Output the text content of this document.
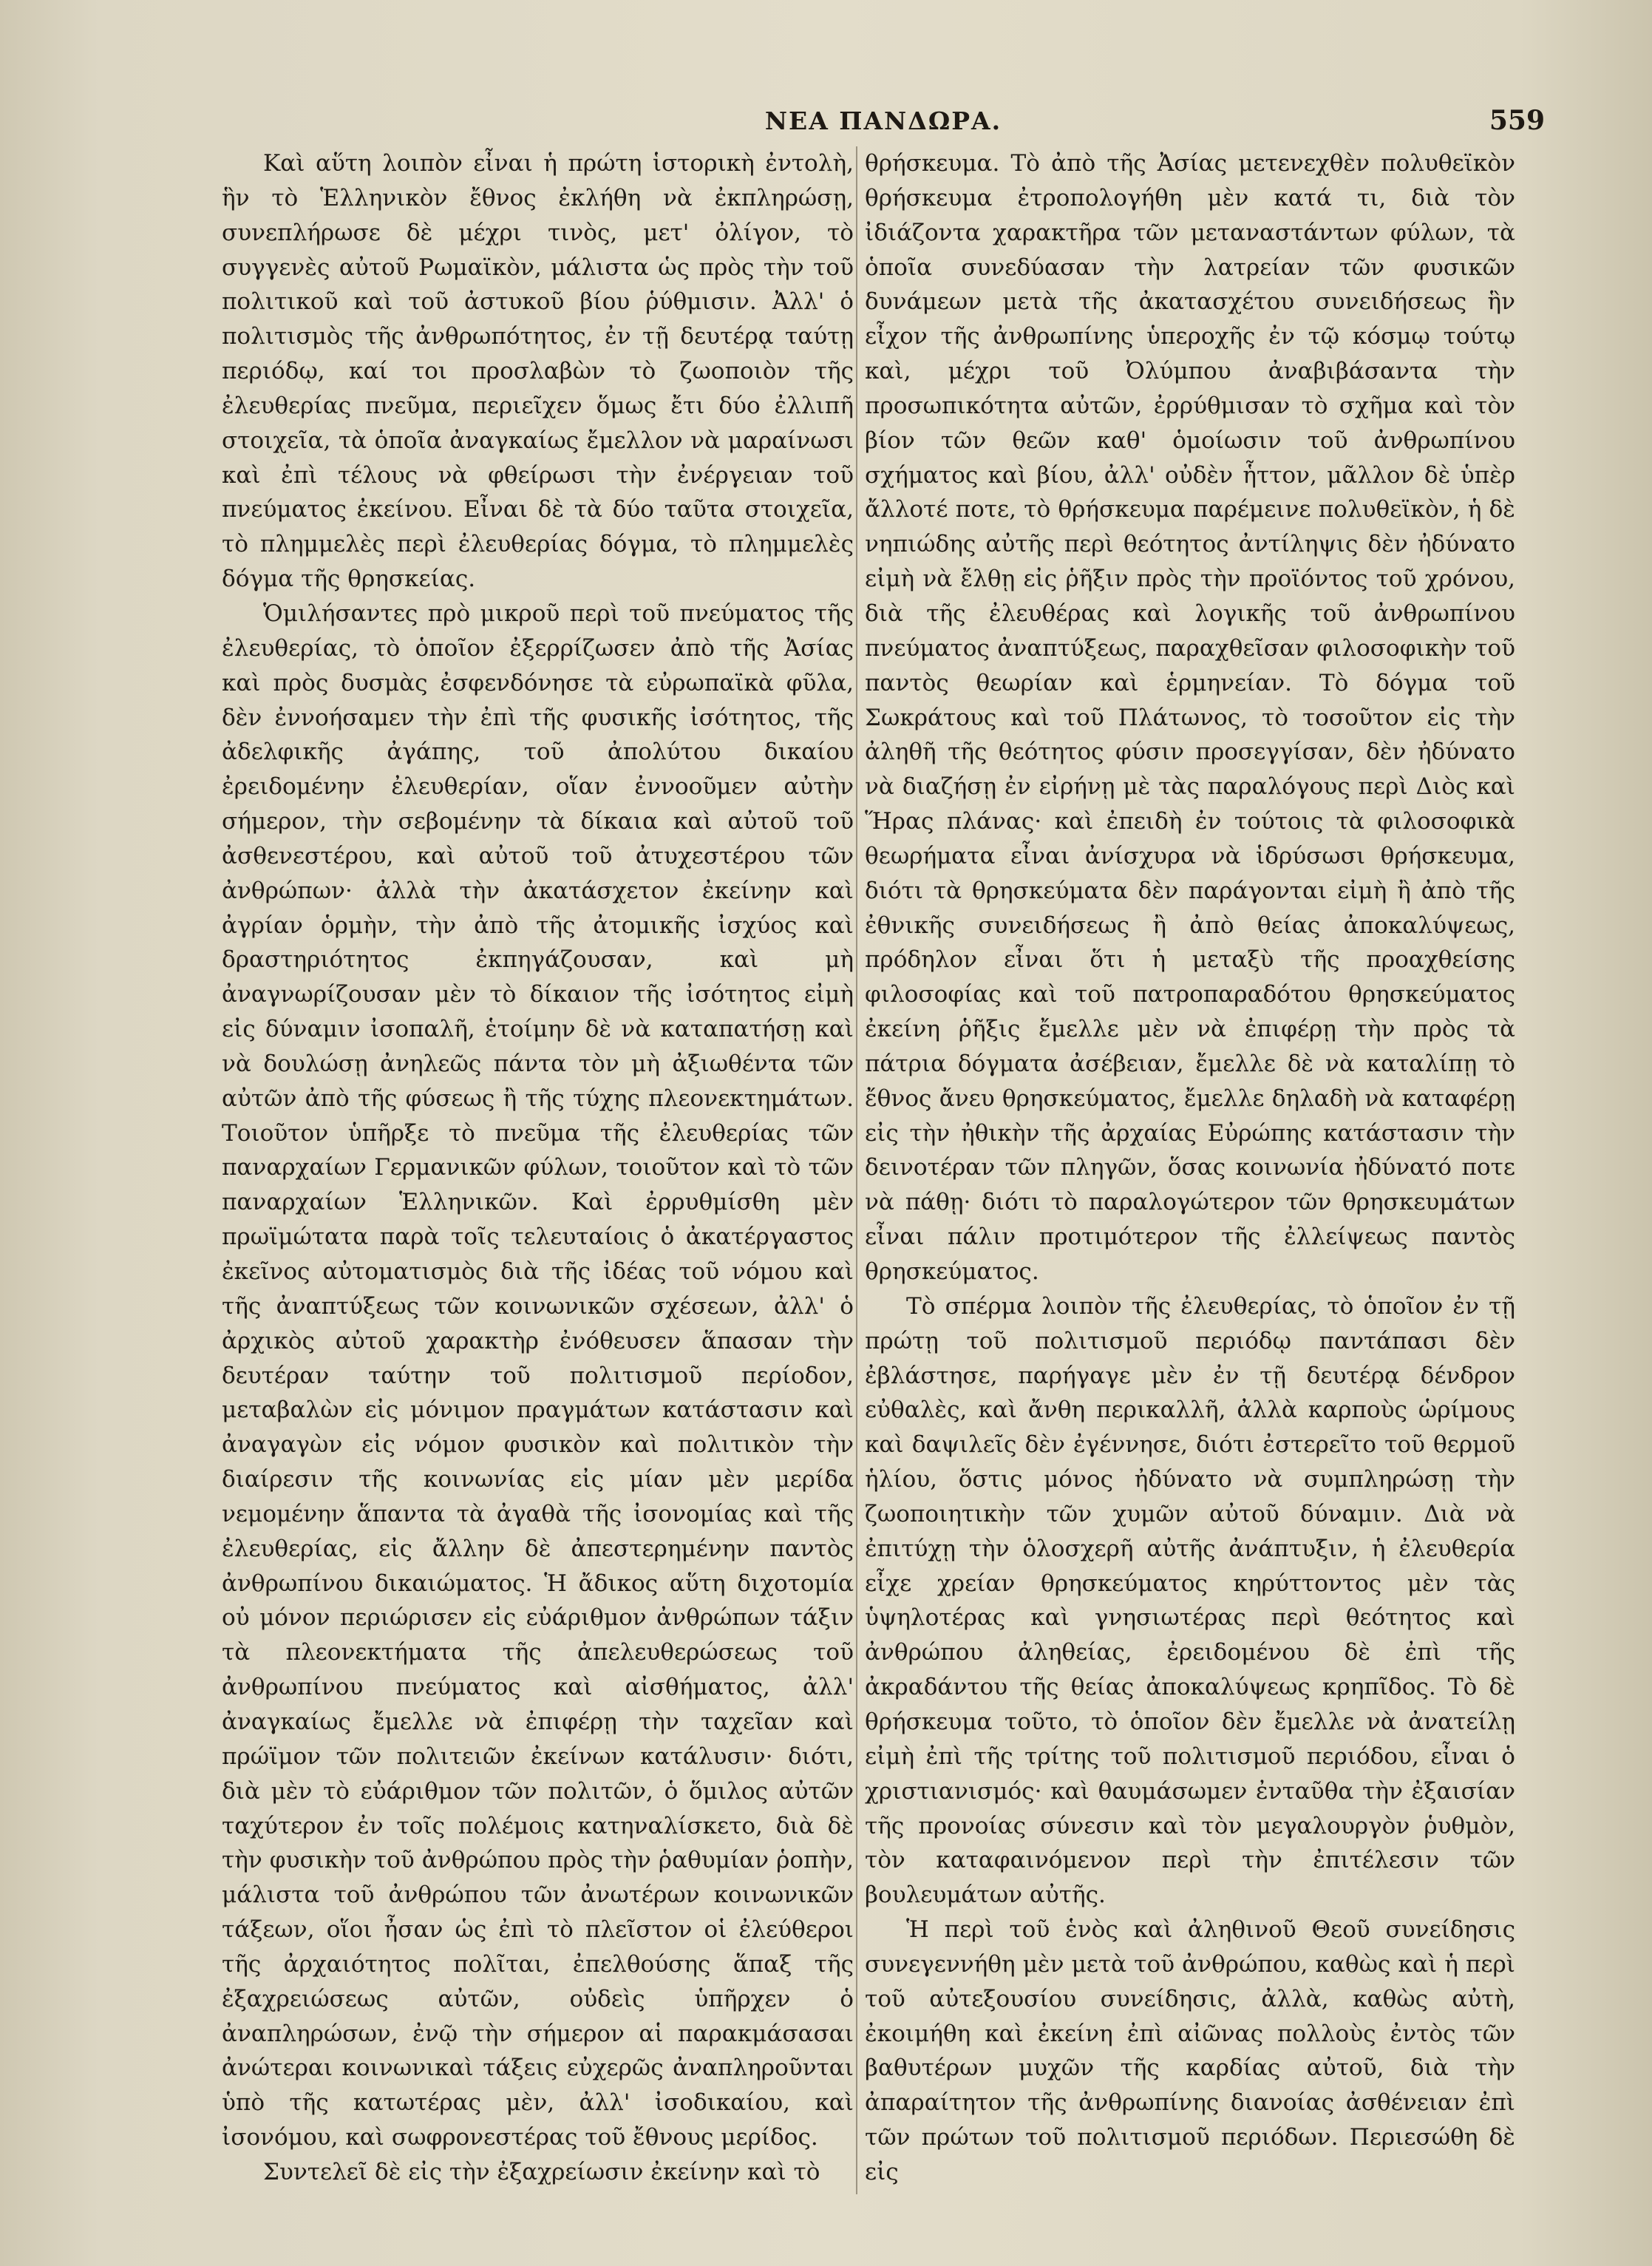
ΝΕΑ ΠΑΝΔΩΡΑ.	559

Καὶ αὕτη λοιπὸν εἶναι ἡ πρώτη ἱστορικὴ ἐντολὴ, ἣν τὸ Ἑλληνικὸν ἔθνος ἐκλήθη νὰ ἐκπληρώσῃ, συνεπλήρωσε δὲ μέχρι τινὸς, μετ' ὀλίγον, τὸ συγγενὲς αὐτοῦ Ρωμαϊκὸν, μάλιστα ὡς πρὸς τὴν τοῦ πολιτικοῦ καὶ τοῦ ἀστυκοῦ βίου ῥύθμισιν. Ἀλλ' ὁ πολιτισμὸς τῆς ἀνθρωπότητος, ἐν τῇ δευτέρᾳ ταύτῃ περιόδῳ, καί τοι προσλαβὼν τὸ ζωοποιὸν τῆς ἐλευθερίας πνεῦμα, περιεῖχεν ὅμως ἔτι δύο ἐλλιπῆ στοιχεῖα, τὰ ὁποῖα ἀναγκαίως ἔμελλον νὰ μαραίνωσι καὶ ἐπὶ τέλους νὰ φθείρωσι τὴν ἐνέργειαν τοῦ πνεύματος ἐκείνου. Εἶναι δὲ τὰ δύο ταῦτα στοιχεῖα, τὸ πλημμελὲς περὶ ἐλευθερίας δόγμα, τὸ πλημμελὲς δόγμα τῆς θρησκείας.

Ὁμιλήσαντες πρὸ μικροῦ περὶ τοῦ πνεύματος τῆς ἐλευθερίας, τὸ ὁποῖον ἐξερρίζωσεν ἀπὸ τῆς Ἀσίας καὶ πρὸς δυσμὰς ἐσφενδόνησε τὰ εὐρωπαϊκὰ φῦλα, δὲν ἐννοήσαμεν τὴν ἐπὶ τῆς φυσικῆς ἰσότητος, τῆς ἀδελφικῆς ἀγάπης, τοῦ ἀπολύτου δικαίου ἐρειδομένην ἐλευθερίαν, οἵαν ἐννοοῦμεν αὐτὴν σήμερον, τὴν σεβομένην τὰ δίκαια καὶ αὐτοῦ τοῦ ἀσθενεστέρου, καὶ αὐτοῦ τοῦ ἀτυχεστέρου τῶν ἀνθρώπων· ἀλλὰ τὴν ἀκατάσχετον ἐκείνην καὶ ἀγρίαν ὁρμὴν, τὴν ἀπὸ τῆς ἀτομικῆς ἰσχύος καὶ δραστηριότητος ἐκπηγάζουσαν, καὶ μὴ ἀναγνωρίζουσαν μὲν τὸ δίκαιον τῆς ἰσότητος εἰμὴ εἰς δύναμιν ἰσοπαλῆ, ἑτοίμην δὲ νὰ καταπατήσῃ καὶ νὰ δουλώσῃ ἀνηλεῶς πάντα τὸν μὴ ἀξιωθέντα τῶν αὐτῶν ἀπὸ τῆς φύσεως ἢ τῆς τύχης πλεονεκτημάτων. Τοιοῦτον ὑπῆρξε τὸ πνεῦμα τῆς ἐλευθερίας τῶν παναρχαίων Γερμανικῶν φύλων, τοιοῦτον καὶ τὸ τῶν παναρχαίων Ἑλληνικῶν. Καὶ ἐρρυθμίσθη μὲν πρωϊμώτατα παρὰ τοῖς τελευταίοις ὁ ἀκατέργαστος ἐκεῖνος αὐτοματισμὸς διὰ τῆς ἰδέας τοῦ νόμου καὶ τῆς ἀναπτύξεως τῶν κοινωνικῶν σχέσεων, ἀλλ' ὁ ἀρχικὸς αὐτοῦ χαρακτὴρ ἐνόθευσεν ἅπασαν τὴν δευτέραν ταύτην τοῦ πολιτισμοῦ περίοδον, μεταβαλὼν εἰς μόνιμον πραγμάτων κατάστασιν καὶ ἀναγαγὼν εἰς νόμον φυσικὸν καὶ πολιτικὸν τὴν διαίρεσιν τῆς κοινωνίας εἰς μίαν μὲν μερίδα νεμομένην ἅπαντα τὰ ἀγαθὰ τῆς ἰσονομίας καὶ τῆς ἐλευθερίας, εἰς ἄλλην δὲ ἀπεστερημένην παντὸς ἀνθρωπίνου δικαιώματος. Ἡ ἄδικος αὕτη διχοτομία οὐ μόνον περιώρισεν εἰς εὐάριθμον ἀνθρώπων τάξιν τὰ πλεονεκτήματα τῆς ἀπελευθερώσεως τοῦ ἀνθρωπίνου πνεύματος καὶ αἰσθήματος, ἀλλ' ἀναγκαίως ἔμελλε νὰ ἐπιφέρῃ τὴν ταχεῖαν καὶ πρώϊμον τῶν πολιτειῶν ἐκείνων κατάλυσιν· διότι, διὰ μὲν τὸ εὐάριθμον τῶν πολιτῶν, ὁ ὅμιλος αὐτῶν ταχύτερον ἐν τοῖς πολέμοις κατηναλίσκετο, διὰ δὲ τὴν φυσικὴν τοῦ ἀνθρώπου πρὸς τὴν ῥαθυμίαν ῥοπὴν, μάλιστα τοῦ ἀνθρώπου τῶν ἀνωτέρων κοινωνικῶν τάξεων, οἵοι ἦσαν ὡς ἐπὶ τὸ πλεῖστον οἱ ἐλεύθεροι τῆς ἀρχαιότητος πολῖται, ἐπελθούσης ἅπαξ τῆς ἐξαχρειώσεως αὐτῶν, οὐδεὶς ὑπῆρχεν ὁ ἀναπληρώσων, ἐνῷ τὴν σήμερον αἱ παρακμάσασαι ἀνώτεραι κοινωνικαὶ τάξεις εὐχερῶς ἀναπληροῦνται ὑπὸ τῆς κατωτέρας μὲν, ἀλλ' ἰσοδικαίου, καὶ ἰσονόμου, καὶ σωφρονεστέρας τοῦ ἔθνους μερίδος.

Συντελεῖ δὲ εἰς τὴν ἐξαχρείωσιν ἐκείνην καὶ τὸ

θρήσκευμα. Τὸ ἀπὸ τῆς Ἀσίας μετενεχθὲν πολυθεϊκὸν θρήσκευμα ἐτροπολογήθη μὲν κατά τι, διὰ τὸν ἰδιάζοντα χαρακτῆρα τῶν μεταναστάντων φύλων, τὰ ὁποῖα συνεδύασαν τὴν λατρείαν τῶν φυσικῶν δυνάμεων μετὰ τῆς ἀκατασχέτου συνειδήσεως ἣν εἶχον τῆς ἀνθρωπίνης ὑπεροχῆς ἐν τῷ κόσμῳ τούτῳ καὶ, μέχρι τοῦ Ὀλύμπου ἀναβιβάσαντα τὴν προσωπικότητα αὐτῶν, ἐρρύθμισαν τὸ σχῆμα καὶ τὸν βίον τῶν θεῶν καθ' ὁμοίωσιν τοῦ ἀνθρωπίνου σχήματος καὶ βίου, ἀλλ' οὐδὲν ἧττον, μᾶλλον δὲ ὑπὲρ ἄλλοτέ ποτε, τὸ θρήσκευμα παρέμεινε πολυθεϊκὸν, ἡ δὲ νηπιώδης αὐτῆς περὶ θεότητος ἀντίληψις δὲν ἠδύνατο εἰμὴ νὰ ἔλθῃ εἰς ῥῆξιν πρὸς τὴν προϊόντος τοῦ χρόνου, διὰ τῆς ἐλευθέρας καὶ λογικῆς τοῦ ἀνθρωπίνου πνεύματος ἀναπτύξεως, παραχθεῖσαν φιλοσοφικὴν τοῦ παντὸς θεωρίαν καὶ ἑρμηνείαν. Τὸ δόγμα τοῦ Σωκράτους καὶ τοῦ Πλάτωνος, τὸ τοσοῦτον εἰς τὴν ἀληθῆ τῆς θεότητος φύσιν προσεγγίσαν, δὲν ἠδύνατο νὰ διαζήσῃ ἐν εἰρήνῃ μὲ τὰς παραλόγους περὶ Διὸς καὶ Ἥρας πλάνας· καὶ ἐπειδὴ ἐν τούτοις τὰ φιλοσοφικὰ θεωρήματα εἶναι ἀνίσχυρα νὰ ἱδρύσωσι θρήσκευμα, διότι τὰ θρησκεύματα δὲν παράγονται εἰμὴ ἢ ἀπὸ τῆς ἐθνικῆς συνειδήσεως ἢ ἀπὸ θείας ἀποκαλύψεως, πρόδηλον εἶναι ὅτι ἡ μεταξὺ τῆς προαχθείσης φιλοσοφίας καὶ τοῦ πατροπαραδότου θρησκεύματος ἐκείνη ῥῆξις ἔμελλε μὲν νὰ ἐπιφέρῃ τὴν πρὸς τὰ πάτρια δόγματα ἀσέβειαν, ἔμελλε δὲ νὰ καταλίπῃ τὸ ἔθνος ἄνευ θρησκεύματος, ἔμελλε δηλαδὴ νὰ καταφέρῃ εἰς τὴν ἠθικὴν τῆς ἀρχαίας Εὐρώπης κατάστασιν τὴν δεινοτέραν τῶν πληγῶν, ὅσας κοινωνία ἠδύνατό ποτε νὰ πάθῃ· διότι τὸ παραλογώτερον τῶν θρησκευμάτων εἶναι πάλιν προτιμότερον τῆς ἐλλείψεως παντὸς θρησκεύματος.

Τὸ σπέρμα λοιπὸν τῆς ἐλευθερίας, τὸ ὁποῖον ἐν τῇ πρώτῃ τοῦ πολιτισμοῦ περιόδῳ παντάπασι δὲν ἐβλάστησε, παρήγαγε μὲν ἐν τῇ δευτέρᾳ δένδρον εὐθαλὲς, καὶ ἄνθη περικαλλῆ, ἀλλὰ καρποὺς ὡρίμους καὶ δαψιλεῖς δὲν ἐγέννησε, διότι ἐστερεῖτο τοῦ θερμοῦ ἡλίου, ὅστις μόνος ἠδύνατο νὰ συμπληρώσῃ τὴν ζωοποιητικὴν τῶν χυμῶν αὐτοῦ δύναμιν. Διὰ νὰ ἐπιτύχῃ τὴν ὁλοσχερῆ αὐτῆς ἀνάπτυξιν, ἡ ἐλευθερία εἶχε χρείαν θρησκεύματος κηρύττοντος μὲν τὰς ὑψηλοτέρας καὶ γνησιωτέρας περὶ θεότητος καὶ ἀνθρώπου ἀληθείας, ἐρειδομένου δὲ ἐπὶ τῆς ἀκραδάντου τῆς θείας ἀποκαλύψεως κρηπῖδος. Τὸ δὲ θρήσκευμα τοῦτο, τὸ ὁποῖον δὲν ἔμελλε νὰ ἀνατείλῃ εἰμὴ ἐπὶ τῆς τρίτης τοῦ πολιτισμοῦ περιόδου, εἶναι ὁ χριστιανισμός· καὶ θαυμάσωμεν ἐνταῦθα τὴν ἐξαισίαν τῆς προνοίας σύνεσιν καὶ τὸν μεγαλουργὸν ῥυθμὸν, τὸν καταφαινόμενον περὶ τὴν ἐπιτέλεσιν τῶν βουλευμάτων αὐτῆς.

Ἡ περὶ τοῦ ἑνὸς καὶ ἀληθινοῦ Θεοῦ συνείδησις συνεγεννήθη μὲν μετὰ τοῦ ἀνθρώπου, καθὼς καὶ ἡ περὶ τοῦ αὐτεξουσίου συνείδησις, ἀλλὰ, καθὼς αὐτὴ, ἐκοιμήθη καὶ ἐκείνη ἐπὶ αἰῶνας πολλοὺς ἐντὸς τῶν βαθυτέρων μυχῶν τῆς καρδίας αὐτοῦ, διὰ τὴν ἀπαραίτητον τῆς ἀνθρωπίνης διανοίας ἀσθένειαν ἐπὶ τῶν πρώτων τοῦ πολιτισμοῦ περιόδων. Περιεσώθη δὲ εἰς
